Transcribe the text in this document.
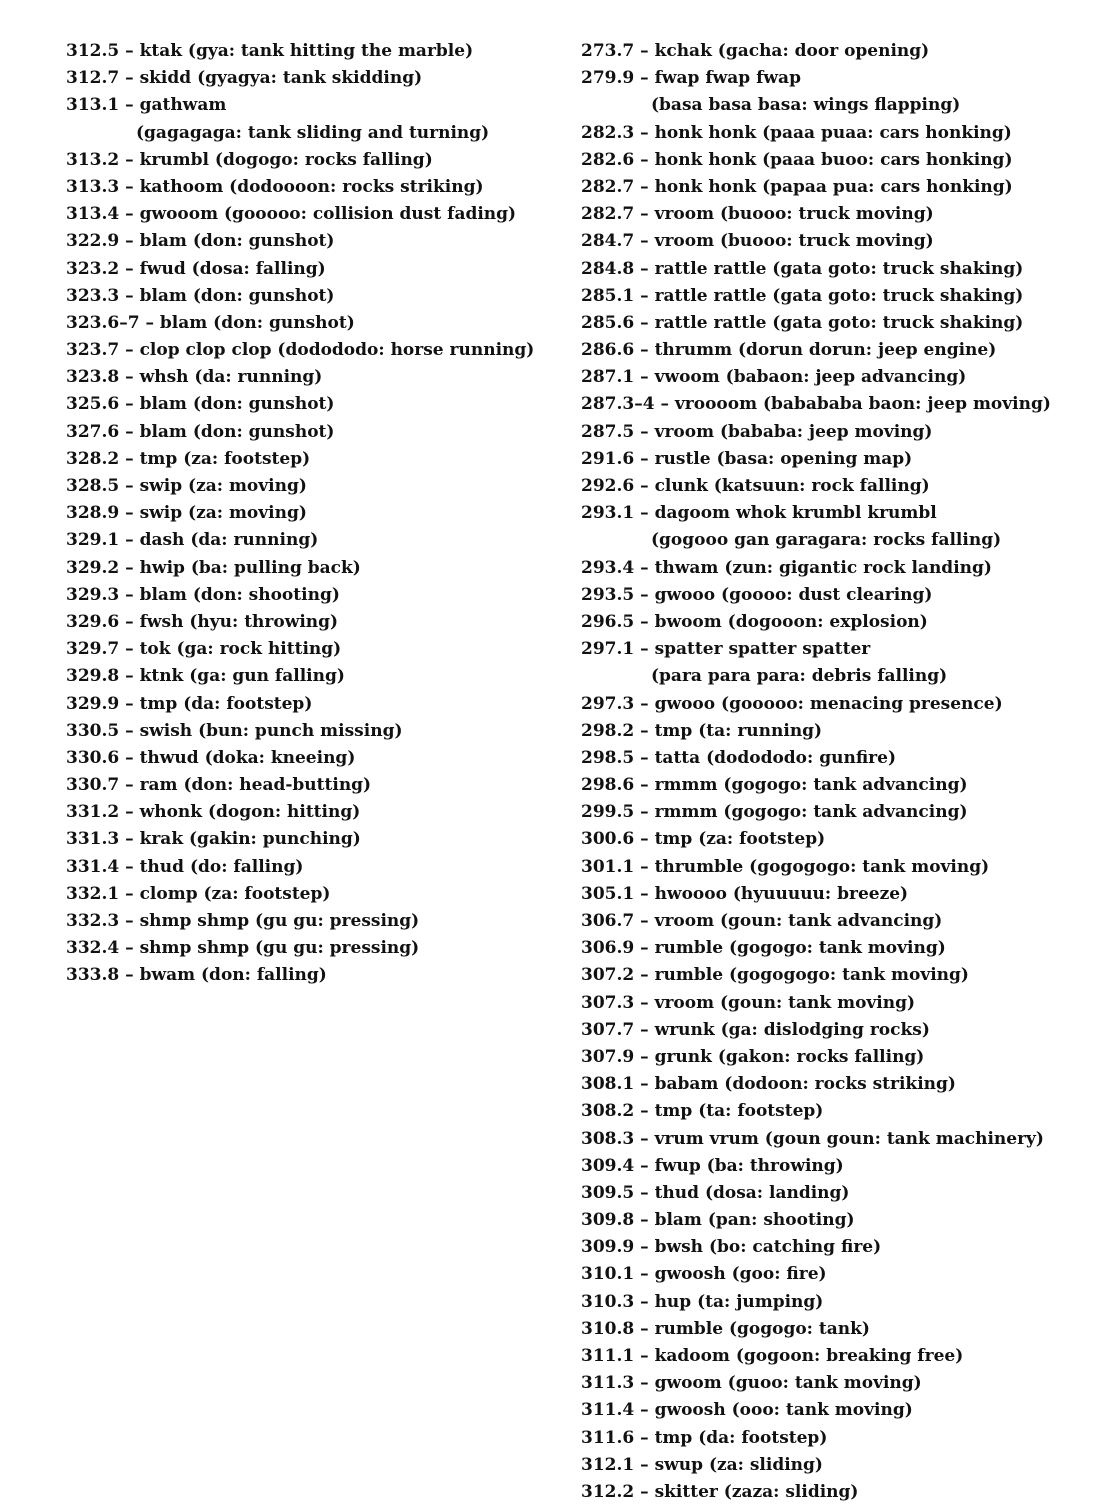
312.5 – ktak (gya: tank hitting the marble)
312.7 – skidd (gyagya: tank skidding)
313.1 – gathwam
(gagagaga: tank sliding and turning)
313.2 – krumbl (dogogo: rocks falling)
313.3 – kathoom (dodoooon: rocks striking)
313.4 – gwooom (gooooo: collision dust fading)
322.9 – blam (don: gunshot)
323.2 – fwud (dosa: falling)
323.3 – blam (don: gunshot)
323.6–7 – blam (don: gunshot)
323.7 – clop clop clop (dodododo: horse running)
323.8 – whsh (da: running)
325.6 – blam (don: gunshot)
327.6 – blam (don: gunshot)
328.2 – tmp (za: footstep)
328.5 – swip (za: moving)
328.9 – swip (za: moving)
329.1 – dash (da: running)
329.2 – hwip (ba: pulling back)
329.3 – blam (don: shooting)
329.6 – fwsh (hyu: throwing)
329.7 – tok (ga: rock hitting)
329.8 – ktnk (ga: gun falling)
329.9 – tmp (da: footstep)
330.5 – swish (bun: punch missing)
330.6 – thwud (doka: kneeing)
330.7 – ram (don: head-butting)
331.2 – whonk (dogon: hitting)
331.3 – krak (gakin: punching)
331.4 – thud (do: falling)
332.1 – clomp (za: footstep)
332.3 – shmp shmp (gu gu: pressing)
332.4 – shmp shmp (gu gu: pressing)
333.8 – bwam (don: falling)
273.7 – kchak (gacha: door opening)
279.9 – fwap fwap fwap
(basa basa basa: wings flapping)
282.3 – honk honk (paaa puaa: cars honking)
282.6 – honk honk (paaa buoo: cars honking)
282.7 – honk honk (papaa pua: cars honking)
282.7 – vroom (buooo: truck moving)
284.7 – vroom (buooo: truck moving)
284.8 – rattle rattle (gata goto: truck shaking)
285.1 – rattle rattle (gata goto: truck shaking)
285.6 – rattle rattle (gata goto: truck shaking)
286.6 – thrumm (dorun dorun: jeep engine)
287.1 – vwoom (babaon: jeep advancing)
287.3–4 – vroooom (babababa baon: jeep moving)
287.5 – vroom (bababa: jeep moving)
291.6 – rustle (basa: opening map)
292.6 – clunk (katsuun: rock falling)
293.1 – dagoom whok krumbl krumbl
(gogooo gan garagara: rocks falling)
293.4 – thwam (zun: gigantic rock landing)
293.5 – gwooo (goooo: dust clearing)
296.5 – bwoom (dogooon: explosion)
297.1 – spatter spatter spatter
(para para para: debris falling)
297.3 – gwooo (gooooo: menacing presence)
298.2 – tmp (ta: running)
298.5 – tatta (dodododo: gunfire)
298.6 – rmmm (gogogo: tank advancing)
299.5 – rmmm (gogogo: tank advancing)
300.6 – tmp (za: footstep)
301.1 – thrumble (gogogogo: tank moving)
305.1 – hwoooo (hyuuuuu: breeze)
306.7 – vroom (goun: tank advancing)
306.9 – rumble (gogogo: tank moving)
307.2 – rumble (gogogogo: tank moving)
307.3 – vroom (goun: tank moving)
307.7 – wrunk (ga: dislodging rocks)
307.9 – grunk (gakon: rocks falling)
308.1 – babam (dodoon: rocks striking)
308.2 – tmp (ta: footstep)
308.3 – vrum vrum (goun goun: tank machinery)
309.4 – fwup (ba: throwing)
309.5 – thud (dosa: landing)
309.8 – blam (pan: shooting)
309.9 – bwsh (bo: catching fire)
310.1 – gwoosh (goo: fire)
310.3 – hup (ta: jumping)
310.8 – rumble (gogogo: tank)
311.1 – kadoom (gogoon: breaking free)
311.3 – gwoom (guoo: tank moving)
311.4 – gwoosh (ooo: tank moving)
311.6 – tmp (da: footstep)
312.1 – swup (za: sliding)
312.2 – skitter (zaza: sliding)
